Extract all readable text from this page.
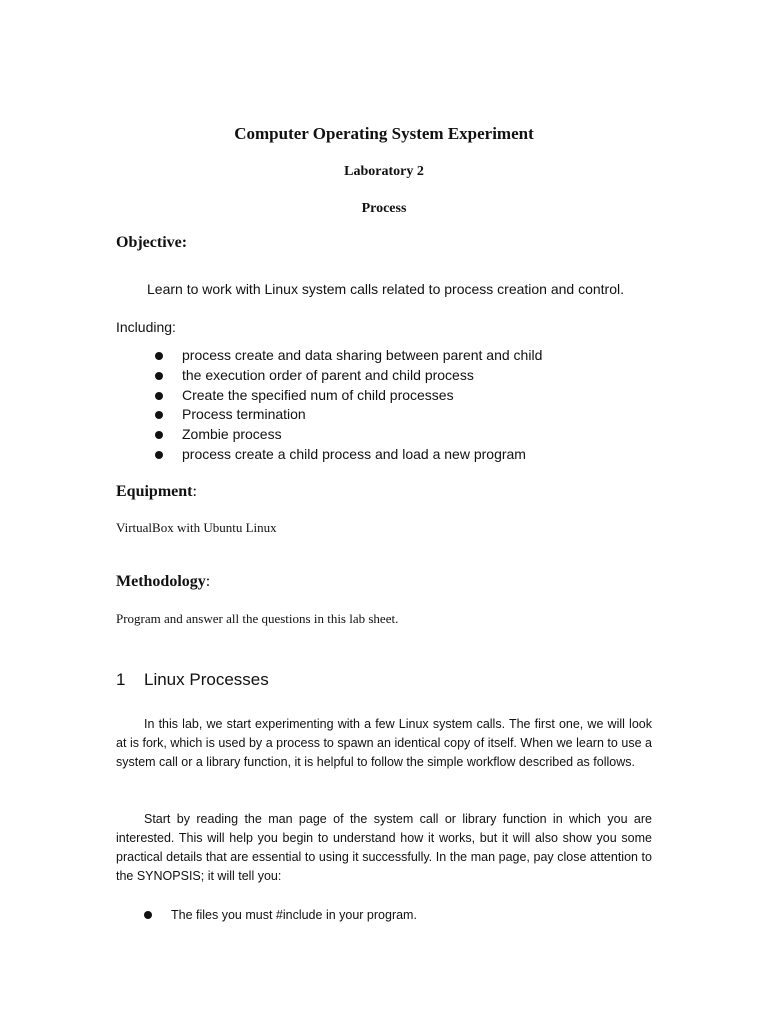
Computer Operating System Experiment
Laboratory 2
Process
Objective:

Learn to work with Linux system calls related to process creation and control.

Including:

process create and data sharing between parent and child
the execution order of parent and child process
Create the specified num of child processes
Process termination
Zombie process
process create a child process and load a new program
Equipment:

VirtualBox with Ubuntu Linux

Methodology:

Program and answer all the questions in this lab sheet.

1 Linux Processes

In this lab, we start experimenting with a few Linux system calls. The first one, we will look at is fork, which is used by a process to spawn an identical copy of itself. When we learn to use a system call or a library function, it is helpful to follow the simple workflow described as follows.

Start by reading the man page of the system call or library function in which you are interested. This will help you begin to understand how it works, but it will also show you some practical details that are essential to using it successfully. In the man page, pay close attention to the SYNOPSIS; it will tell you:

The files you must #include in your program.
